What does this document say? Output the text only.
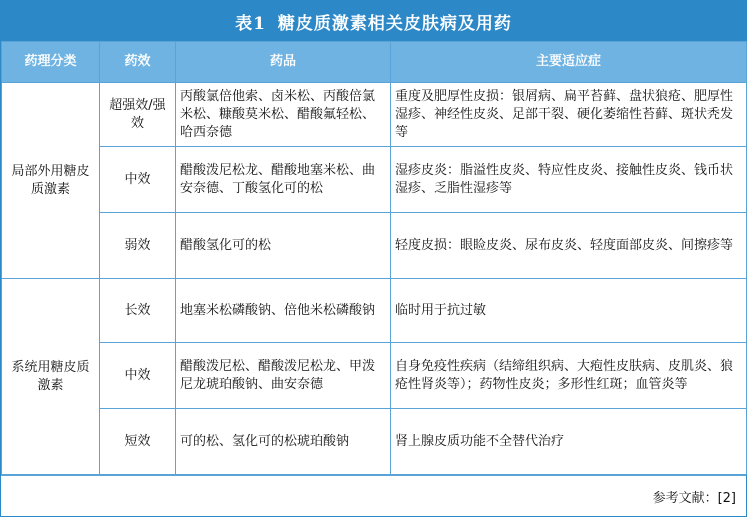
表1 糖皮质激素相关皮肤病及用药
药理分类	药效	药品	主要适应症
局部外用糖皮质激素	超强效/强效	丙酸氯倍他索、卤米松、丙酸倍氯米松、糠酸莫米松、醋酸氟轻松、哈西奈德	重度及肥厚性皮损：银屑病、扁平苔藓、盘状狼疮、肥厚性湿疹、神经性皮炎、足部干裂、硬化萎缩性苔藓、斑状秃发等
	中效	醋酸泼尼松龙、醋酸地塞米松、曲安奈德、丁酸氢化可的松	湿疹皮炎：脂溢性皮炎、特应性皮炎、接触性皮炎、钱币状湿疹、乏脂性湿疹等
	弱效	醋酸氢化可的松	轻度皮损：眼睑皮炎、尿布皮炎、轻度面部皮炎、间擦疹等
系统用糖皮质激素	长效	地塞米松磷酸钠、倍他米松磷酸钠	临时用于抗过敏
	中效	醋酸泼尼松、醋酸泼尼松龙、甲泼尼龙琥珀酸钠、曲安奈德	自身免疫性疾病（结缔组织病、大疱性皮肤病、皮肌炎、狼疮性肾炎等）；药物性皮炎；多形性红斑；血管炎等
	短效	可的松、氢化可的松琥珀酸钠	肾上腺皮质功能不全替代治疗
参考文献：[2]
